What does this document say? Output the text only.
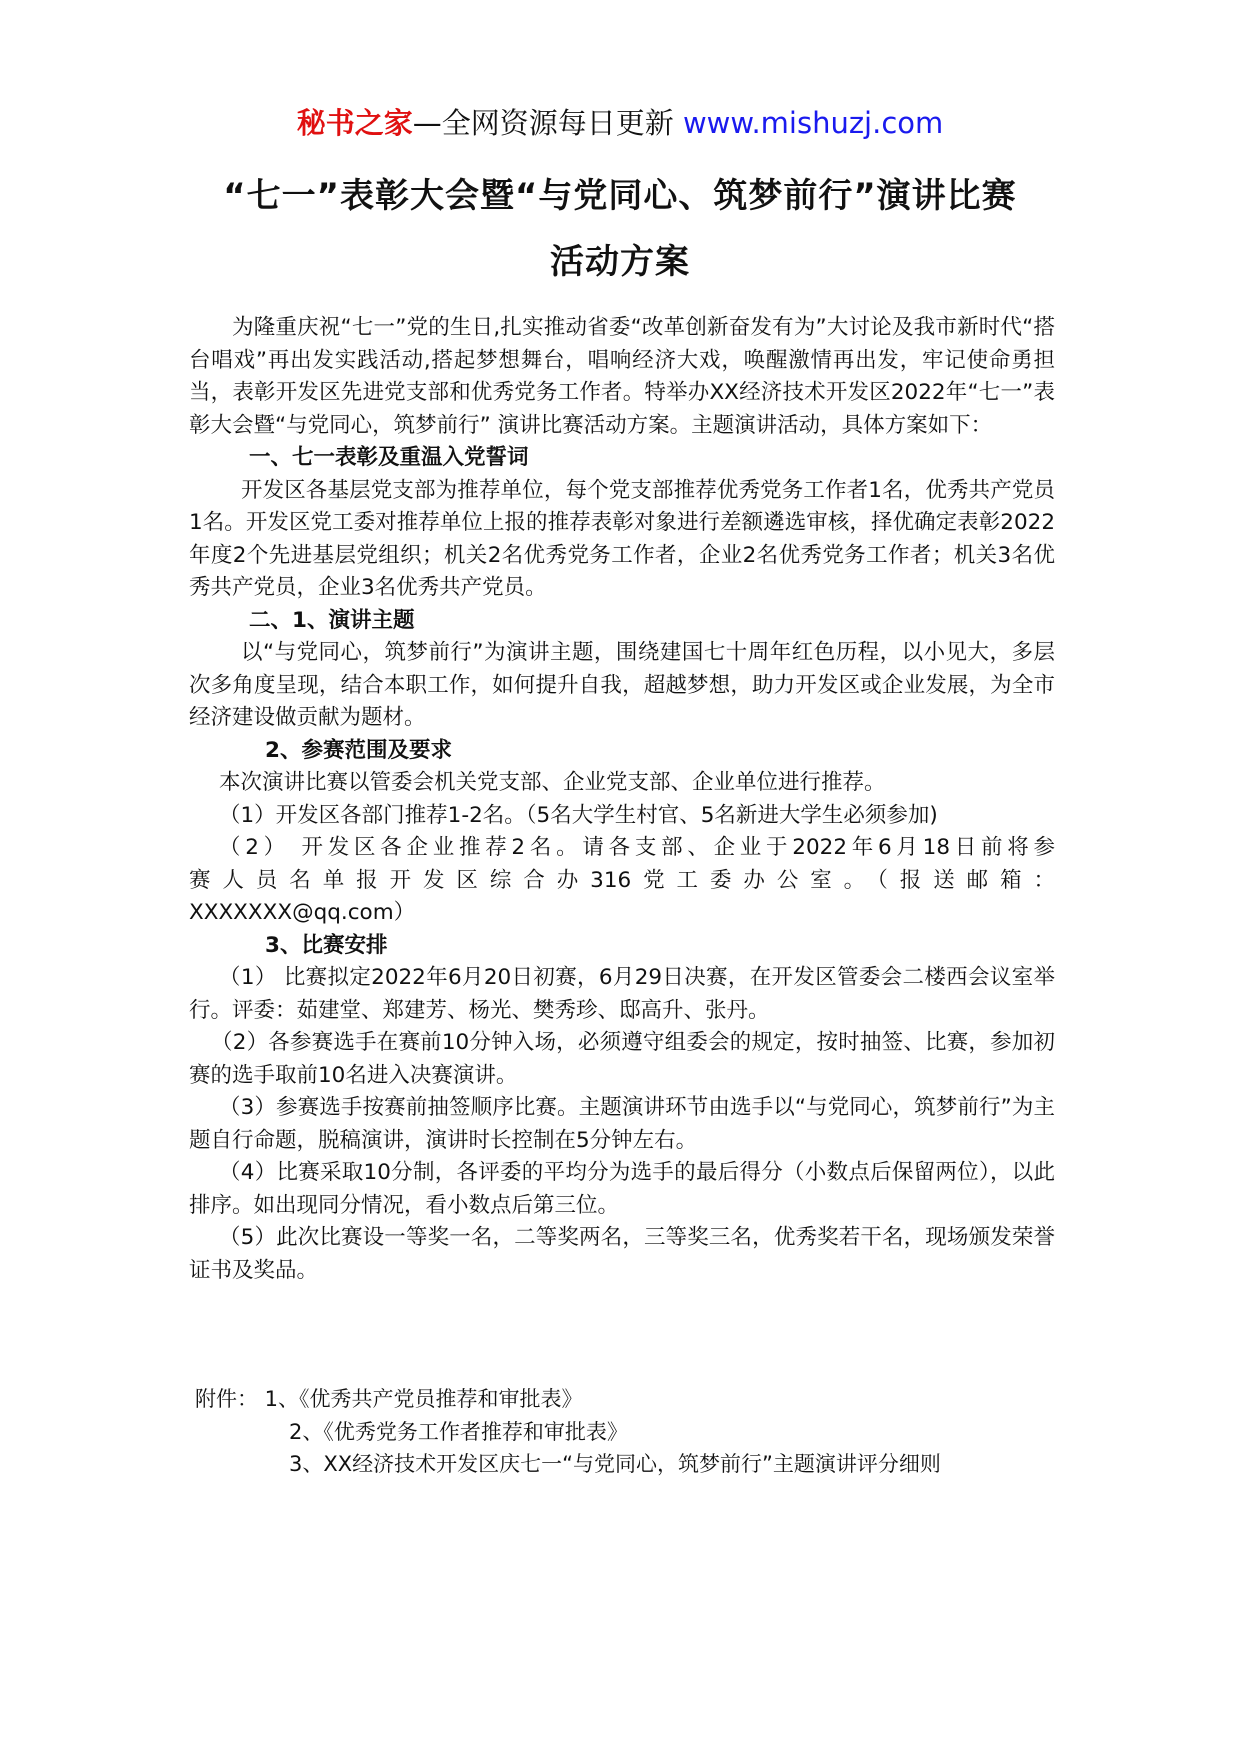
秘书之家—全网资源每日更新 www.mishuzj.com
“七一”表彰大会暨“与党同心、筑梦前行”演讲比赛
活动方案

为隆重庆祝“七一”党的生日,扎实推动省委“改革创新奋发有为”大讨论及我市新时代“搭台唱戏”再出发实践活动,搭起梦想舞台，唱响经济大戏，唤醒激情再出发，牢记使命勇担当，表彰开发区先进党支部和优秀党务工作者。特举办XX经济技术开发区2022年“七一”表彰大会暨“与党同心，筑梦前行” 演讲比赛活动方案。主题演讲活动，具体方案如下：

一、七一表彰及重温入党誓词

开发区各基层党支部为推荐单位，每个党支部推荐优秀党务工作者1名，优秀共产党员1名。开发区党工委对推荐单位上报的推荐表彰对象进行差额遴选审核，择优确定表彰2022年度2个先进基层党组织；机关2名优秀党务工作者，企业2名优秀党务工作者；机关3名优秀共产党员，企业3名优秀共产党员。

二、1、演讲主题

以“与党同心，筑梦前行”为演讲主题，围绕建国七十周年红色历程，以小见大，多层次多角度呈现，结合本职工作，如何提升自我，超越梦想，助力开发区或企业发展，为全市经济建设做贡献为题材。

2、参赛范围及要求

本次演讲比赛以管委会机关党支部、企业党支部、企业单位进行推荐。

（1）开发区各部门推荐1-2名。（5名大学生村官、5名新进大学生必须参加)

（2） 开发区各企业推荐2名。请各支部、企业于2022年6月18日前将参

赛人员名单报开发区综合办316党工委办公室。（报送邮箱：

XXXXXXX@qq.com）

3、比赛安排

（1） 比赛拟定2022年6月20日初赛，6月29日决赛，在开发区管委会二楼西会议室举行。评委：茹建堂、郑建芳、杨光、樊秀珍、邸高升、张丹。

（2）各参赛选手在赛前10分钟入场，必须遵守组委会的规定，按时抽签、比赛，参加初赛的选手取前10名进入决赛演讲。

（3）参赛选手按赛前抽签顺序比赛。主题演讲环节由选手以“与党同心，筑梦前行”为主题自行命题，脱稿演讲，演讲时长控制在5分钟左右。

（4）比赛采取10分制，各评委的平均分为选手的最后得分（小数点后保留两位），以此排序。如出现同分情况，看小数点后第三位。

（5）此次比赛设一等奖一名，二等奖两名，三等奖三名，优秀奖若干名，现场颁发荣誉证书及奖品。

附件： 1、《优秀共产党员推荐和审批表》
2、《优秀党务工作者推荐和审批表》
3、XX经济技术开发区庆七一“与党同心，筑梦前行”主题演讲评分细则
